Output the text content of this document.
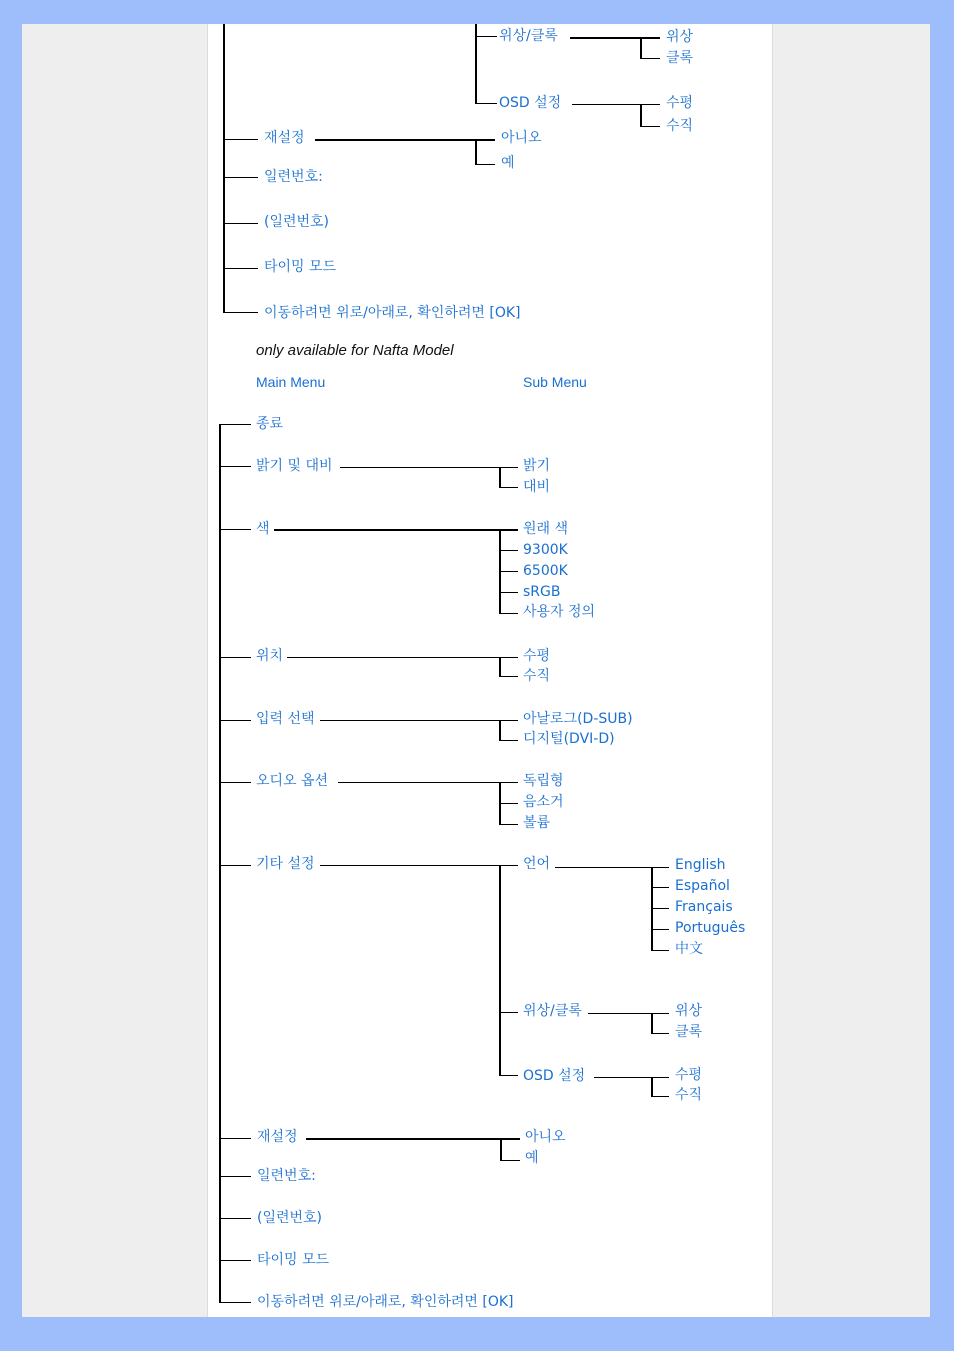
위상/클록	위상
클록
OSD 설정	수평
수직
재설정	아니오
예
일련번호:
(일련번호)
타이밍 모드
이동하려면 위로/아래로, 확인하려면 [OK]
only available for Nafta Model
Main Menu	Sub Menu
종료
밝기 및 대비	밝기
대비
색	원래 색
9300K
6500K
sRGB
사용자 정의
위치	수평
수직
입력 선택	아날로그(D-SUB)
디지털(DVI-D)
오디오 옵션	독립형
음소거
볼륨
기타 설정	언어	English
Español
Français
Português
中文
위상/클록	위상
클록
OSD 설정	수평
수직
재설정	아니오
예
일련번호:
(일련번호)
타이밍 모드
이동하려면 위로/아래로, 확인하려면 [OK]
